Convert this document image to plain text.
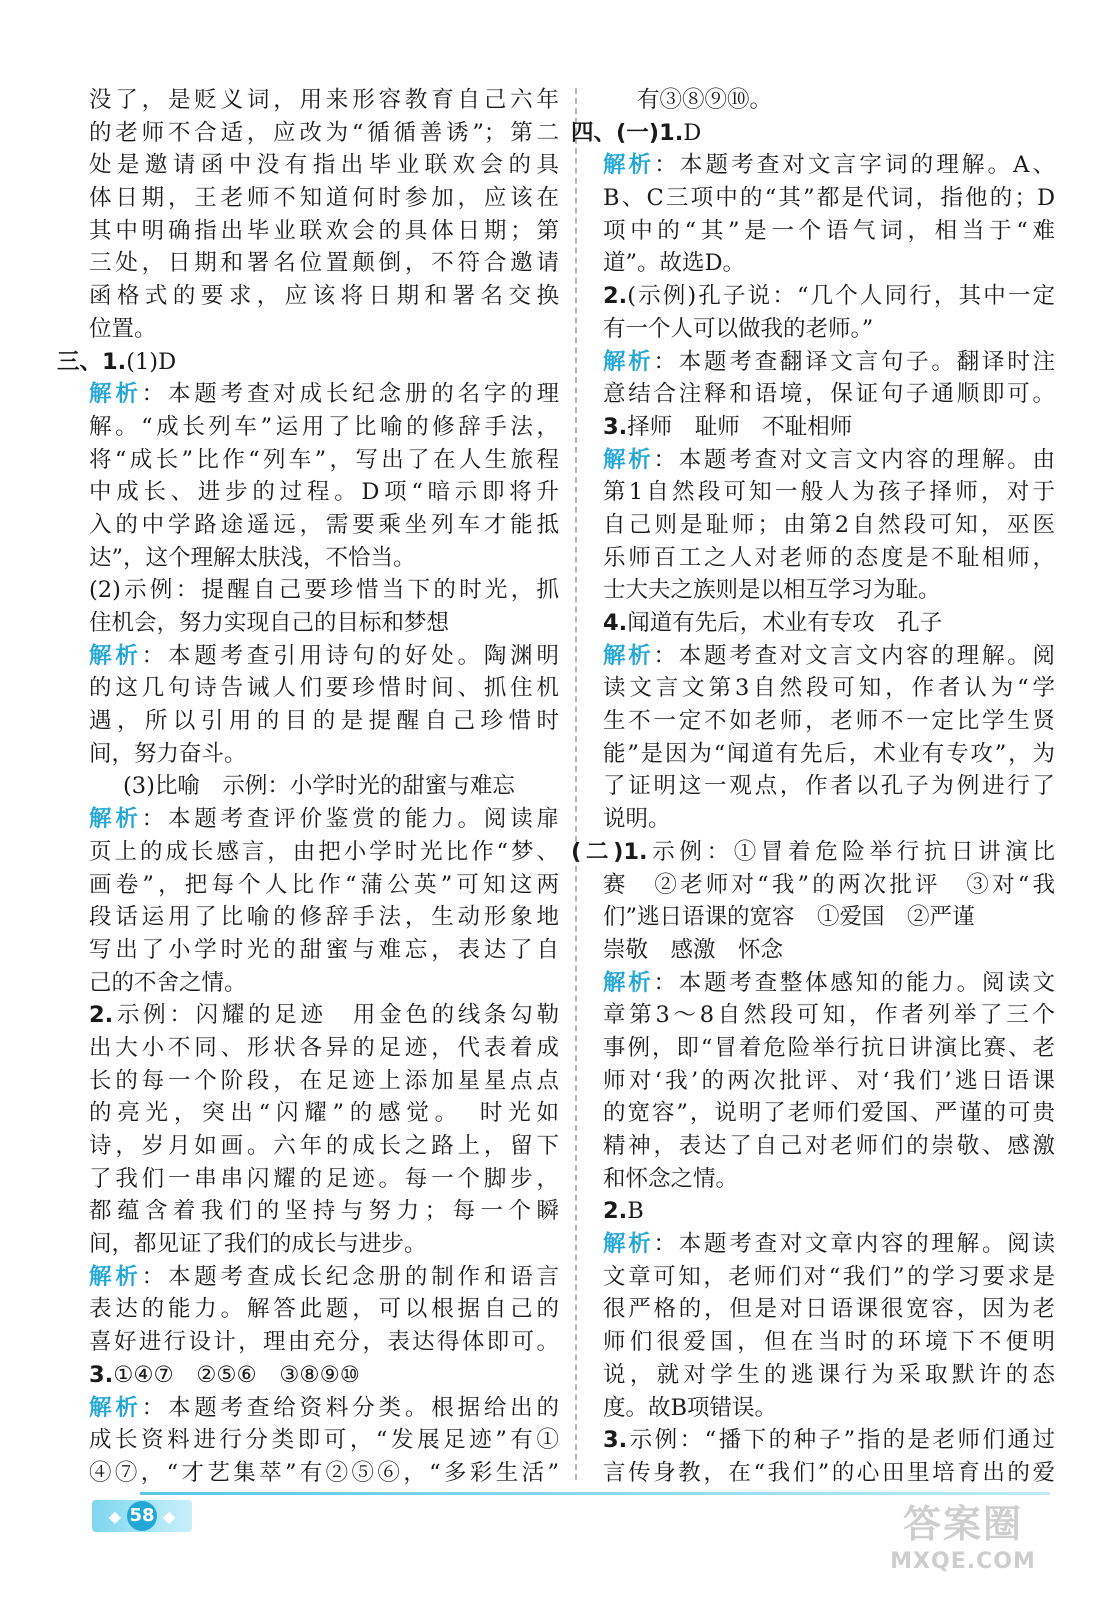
没了，是贬义词，用来形容教育自己六年
的老师不合适，应改为“循循善诱”；第二
处是邀请函中没有指出毕业联欢会的具
体日期，王老师不知道何时参加，应该在
其中明确指出毕业联欢会的具体日期；第
三处，日期和署名位置颠倒，不符合邀请
函格式的要求，应该将日期和署名交换
位置。
三、1.(1)D
解析：本题考查对成长纪念册的名字的理
解。“成长列车”运用了比喻的修辞手法，
将“成长”比作“列车”，写出了在人生旅程
中成长、进步的过程。D项“暗示即将升
入的中学路途遥远，需要乘坐列车才能抵
达”，这个理解太肤浅，不恰当。
(2)示例：提醒自己要珍惜当下的时光，抓
住机会，努力实现自己的目标和梦想
解析：本题考查引用诗句的好处。陶渊明
的这几句诗告诫人们要珍惜时间、抓住机
遇，所以引用的目的是提醒自己珍惜时
间，努力奋斗。
(3)比喻　示例：小学时光的甜蜜与难忘
解析：本题考查评价鉴赏的能力。阅读扉
页上的成长感言，由把小学时光比作“梦、
画卷”，把每个人比作“蒲公英”可知这两
段话运用了比喻的修辞手法，生动形象地
写出了小学时光的甜蜜与难忘，表达了自
己的不舍之情。
2.示例：闪耀的足迹　用金色的线条勾勒
出大小不同、形状各异的足迹，代表着成
长的每一个阶段，在足迹上添加星星点点
的亮光，突出“闪耀”的感觉。　时光如
诗，岁月如画。六年的成长之路上，留下
了我们一串串闪耀的足迹。每一个脚步，
都蕴含着我们的坚持与努力；每一个瞬
间，都见证了我们的成长与进步。
解析：本题考查成长纪念册的制作和语言
表达的能力。解答此题，可以根据自己的
喜好进行设计，理由充分，表达得体即可。
3.①④⑦　②⑤⑥　③⑧⑨⑩
解析：本题考查给资料分类。根据给出的
成长资料进行分类即可，“发展足迹”有①
④⑦，“才艺集萃”有②⑤⑥，“多彩生活”
有③⑧⑨⑩。
四、(一)1.D
解析：本题考查对文言字词的理解。A、
B、C三项中的“其”都是代词，指他的；D
项中的“其”是一个语气词，相当于“难
道”。故选D。
2.(示例)孔子说：“几个人同行，其中一定
有一个人可以做我的老师。”
解析：本题考查翻译文言句子。翻译时注
意结合注释和语境，保证句子通顺即可。
3.择师　耻师　不耻相师
解析：本题考查对文言文内容的理解。由
第1自然段可知一般人为孩子择师，对于
自己则是耻师；由第2自然段可知，巫医
乐师百工之人对老师的态度是不耻相师，
士大夫之族则是以相互学习为耻。
4.闻道有先后，术业有专攻　孔子
解析：本题考查对文言文内容的理解。阅
读文言文第3自然段可知，作者认为“学
生不一定不如老师，老师不一定比学生贤
能”是因为“闻道有先后，术业有专攻”，为
了证明这一观点，作者以孔子为例进行了
说明。
(二)1.示例：①冒着危险举行抗日讲演比
赛　②老师对“我”的两次批评　③对“我
们”逃日语课的宽容　①爱国　②严谨
崇敬　感激　怀念
解析：本题考查整体感知的能力。阅读文
章第3～8自然段可知，作者列举了三个
事例，即“冒着危险举行抗日讲演比赛、老
师对‘我’的两次批评、对‘我们’逃日语课
的宽容”，说明了老师们爱国、严谨的可贵
精神，表达了自己对老师们的崇敬、感激
和怀念之情。
2.B
解析：本题考查对文章内容的理解。阅读
文章可知，老师们对“我们”的学习要求是
很严格的，但是对日语课很宽容，因为老
师们很爱国，但在当时的环境下不便明
说，就对学生的逃课行为采取默许的态
度。故B项错误。
3.示例：“播下的种子”指的是老师们通过
言传身教，在“我们”的心田里培育出的爱
◆ 58 ◆	答案圈
MXQE.COM
